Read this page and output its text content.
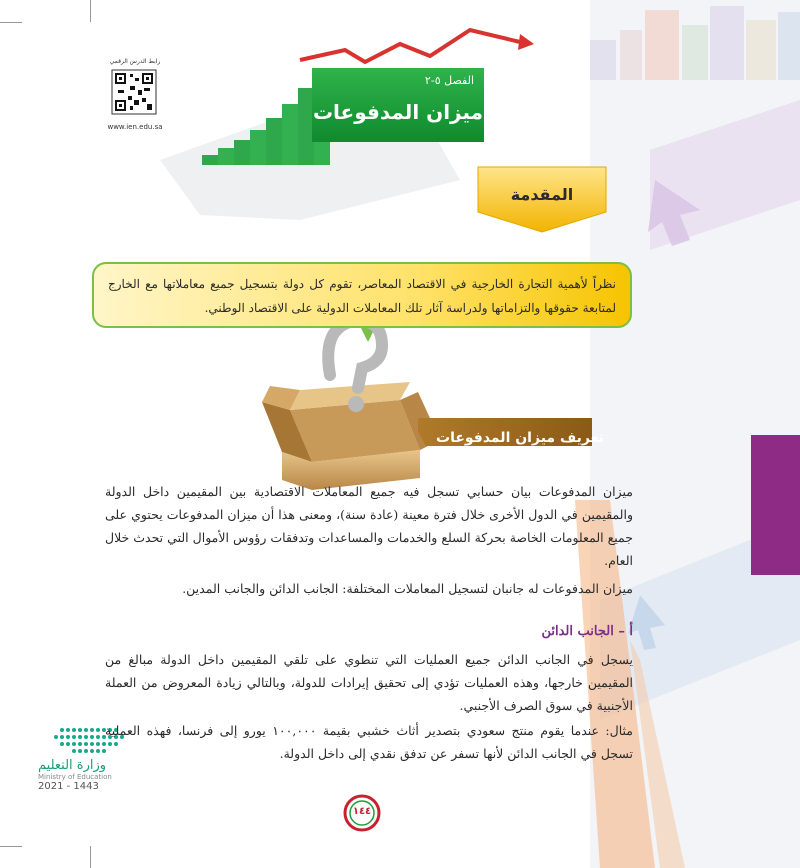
رابط الدرس الرقمي
www.ien.edu.sa
الفصل ٥-٢
ميزان المدفوعات
المقدمة
نظراً لأهمية التجارة الخارجية في الاقتصاد المعاصر، تقوم كل دولة بتسجيل جميع معاملاتها مع الخارج لمتابعة حقوقها والتزاماتها ولدراسة آثار تلك المعاملات الدولية على الاقتصاد الوطني.
تعريف ميزان المدفوعات
ميزان المدفوعات بيان حسابي تسجل فيه جميع المعاملات الاقتصادية بين المقيمين داخل الدولة والمقيمين في الدول الأخرى خلال فترة معينة (عادة سنة)، ومعنى هذا أن ميزان المدفوعات يحتوي على جميع المعلومات الخاصة بحركة السلع والخدمات والمساعدات وتدفقات رؤوس الأموال التي تحدث خلال العام.
ميزان المدفوعات له جانبان لتسجيل المعاملات المختلفة: الجانب الدائن والجانب المدين.
أ – الجانب الدائن
يسجل في الجانب الدائن جميع العمليات التي تنطوي على تلقي المقيمين داخل الدولة مبالغ من المقيمين خارجها، وهذه العمليات تؤدي إلى تحقيق إيرادات للدولة، وبالتالي زيادة المعروض من العملة الأجنبية في سوق الصرف الأجنبي.
مثال: عندما يقوم منتج سعودي بتصدير أثاث خشبي بقيمة ١٠٠,٠٠٠ يورو إلى فرنسا، فهذه العملية تسجل في الجانب الدائن لأنها تسفر عن تدفق نقدي إلى داخل الدولة.
وزارة التعليم
Ministry of Education
2021 - 1443
١٤٤
